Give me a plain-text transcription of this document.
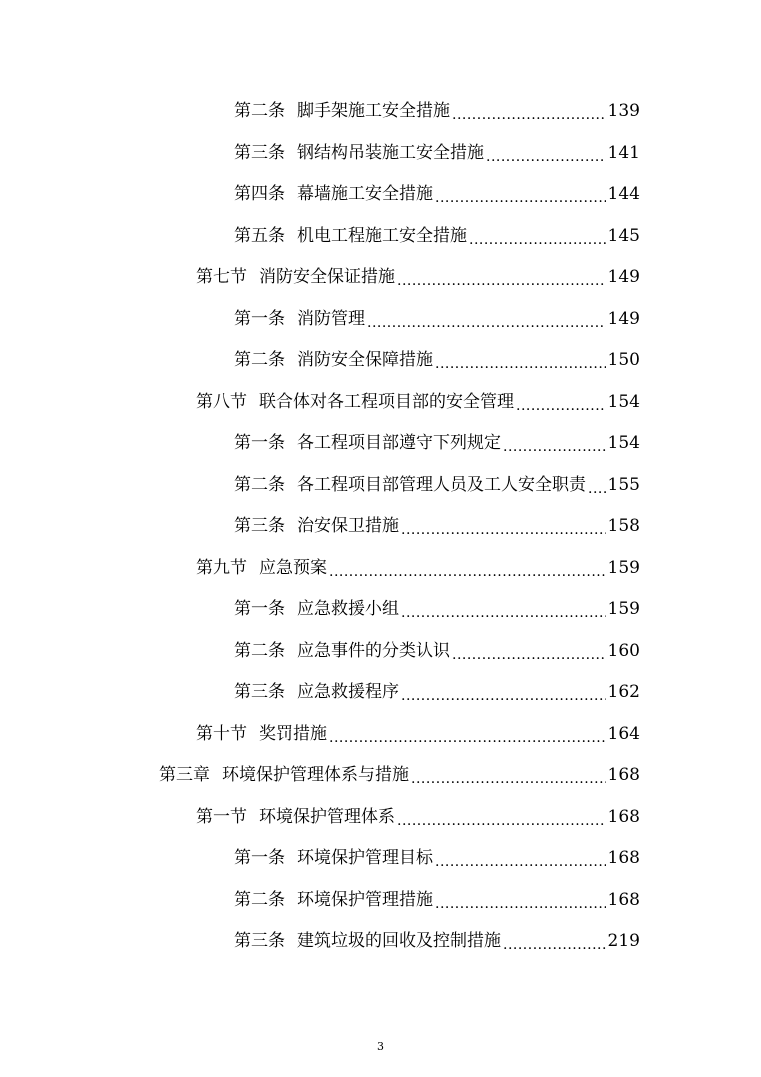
第二条 脚手架施工安全措施 .....	139
第三条 钢结构吊装施工安全措施 .....	141
第四条 幕墙施工安全措施 .....	144
第五条 机电工程施工安全措施 .....	145
第七节 消防安全保证措施 .....	149
第一条 消防管理 .....	149
第二条 消防安全保障措施 .....	150
第八节 联合体对各工程项目部的安全管理 .....	154
第一条 各工程项目部遵守下列规定 .....	154
第二条 各工程项目部管理人员及工人安全职责 ..... 155
第三条 治安保卫措施 .....	158
第九节 应急预案 .....	159
第一条 应急救援小组 .....	159
第二条 应急事件的分类认识 .....	160
第三条 应急救援程序 .....	162
第十节 奖罚措施 .....	164
第三章 环境保护管理体系与措施 .....	168
第一节 环境保护管理体系 .....	168
第一条 环境保护管理目标 .....	168
第二条 环境保护管理措施 .....	168
第三条 建筑垃圾的回收及控制措施 .....	219
3
